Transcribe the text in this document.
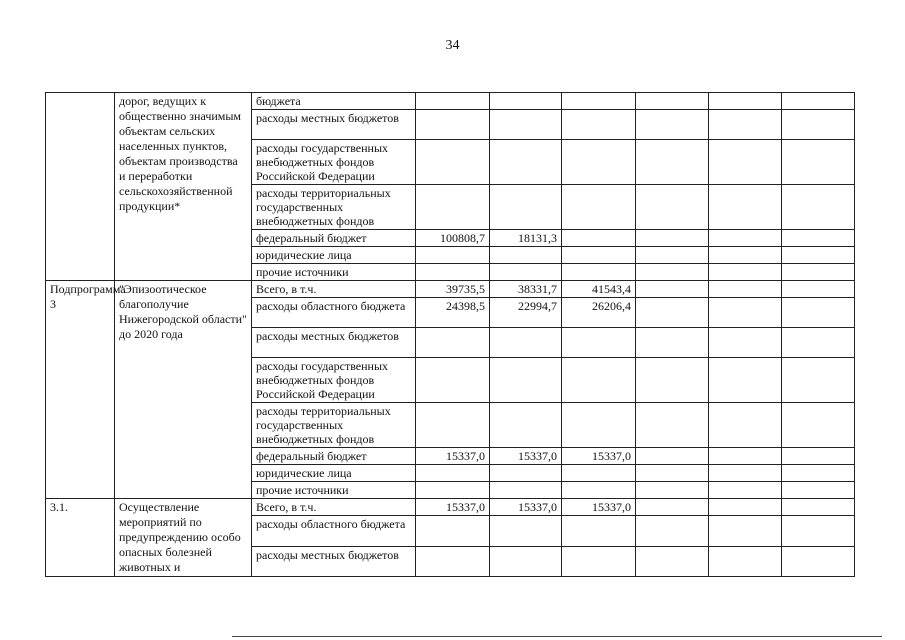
34
	дорог, ведущих к общественно значимым объектам сельских населенных пунктов, объектам производства и переработки сельскохозяйственной продукции*	бюджета						
		расходы местных бюджетов						
		расходы государственных внебюджетных фондов Российской Федерации						
		расходы территориальных государственных внебюджетных фондов						
		федеральный бюджет	100808,7	18131,3				
		юридические лица						
		прочие источники						
Подпрограмма 3	"Эпизоотическое благополучие Нижегородской области" до 2020 года	Всего, в т.ч.	39735,5	38331,7	41543,4			
		расходы областного бюджета	24398,5	22994,7	26206,4			
		расходы местных бюджетов						
		расходы государственных внебюджетных фондов Российской Федерации						
		расходы территориальных государственных внебюджетных фондов						
		федеральный бюджет	15337,0	15337,0	15337,0			
		юридические лица						
		прочие источники						
3.1.	Осуществление мероприятий по предупреждению особо опасных болезней животных и	Всего, в т.ч.	15337,0	15337,0	15337,0			
		расходы областного бюджета						
		расходы местных бюджетов						
